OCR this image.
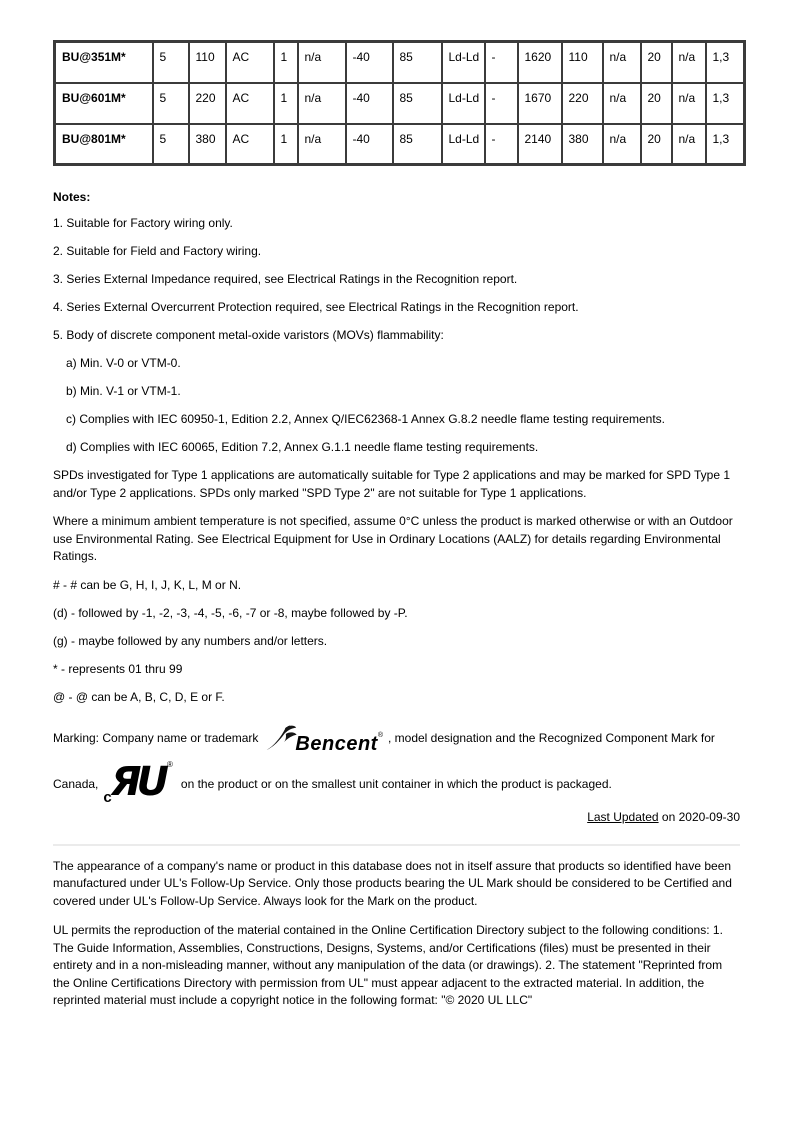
BU@351M*	5	110	AC	1	n/a	-40	85	Ld-Ld	-	1620	110	n/a	20	n/a	1,3
BU@601M*	5	220	AC	1	n/a	-40	85	Ld-Ld	-	1670	220	n/a	20	n/a	1,3
BU@801M*	5	380	AC	1	n/a	-40	85	Ld-Ld	-	2140	380	n/a	20	n/a	1,3
Notes:

1. Suitable for Factory wiring only.

2. Suitable for Field and Factory wiring.

3. Series External Impedance required, see Electrical Ratings in the Recognition report.

4. Series External Overcurrent Protection required, see Electrical Ratings in the Recognition report.

5. Body of discrete component metal-oxide varistors (MOVs) flammability:

a) Min. V-0 or VTM-0.

b) Min. V-1 or VTM-1.

c) Complies with IEC 60950-1, Edition 2.2, Annex Q/IEC62368-1 Annex G.8.2 needle flame testing requirements.

d) Complies with IEC 60065, Edition 7.2, Annex G.1.1 needle flame testing requirements.

SPDs investigated for Type 1 applications are automatically suitable for Type 2 applications and may be marked for SPD Type 1 and/or Type 2 applications. SPDs only marked "SPD Type 2" are not suitable for Type 1 applications.

Where a minimum ambient temperature is not specified, assume 0°C unless the product is marked otherwise or with an Outdoor use Environmental Rating. See Electrical Equipment for Use in Ordinary Locations (AALZ) for details regarding Environmental Ratings.

# - # can be G, H, I, J, K, L, M or N.

(d) - followed by -1, -2, -3, -4, -5, -6, -7 or -8, maybe followed by -P.

(g) - maybe followed by any numbers and/or letters.

* - represents 01 thru 99

@ - @ can be A, B, C, D, E or F.

Marking: Company name or trademark Bencent ® , model designation and the Recognized Component Mark for
Canada,
c ЯU ®
on the product or on the smallest unit container in which the product is packaged.
Last Updated on 2020-09-30

The appearance of a company's name or product in this database does not in itself assure that products so identified have been manufactured under UL's Follow-Up Service. Only those products bearing the UL Mark should be considered to be Certified and covered under UL's Follow-Up Service. Always look for the Mark on the product.

UL permits the reproduction of the material contained in the Online Certification Directory subject to the following conditions: 1. The Guide Information, Assemblies, Constructions, Designs, Systems, and/or Certifications (files) must be presented in their entirety and in a non-misleading manner, without any manipulation of the data (or drawings). 2. The statement "Reprinted from the Online Certifications Directory with permission from UL" must appear adjacent to the extracted material. In addition, the reprinted material must include a copyright notice in the following format: "© 2020 UL LLC"
